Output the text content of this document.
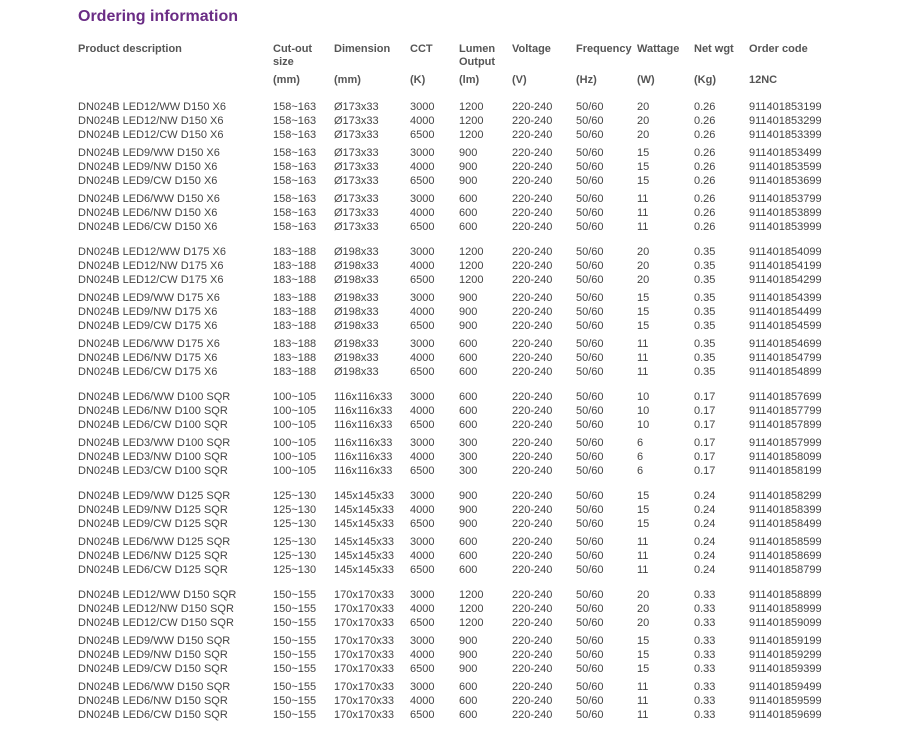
Ordering information
Product description	Cut-out size	Dimension	CCT	Lumen Output	Voltage	Frequency	Wattage	Net wgt	Order code
	(mm)	(mm)	(K)	(lm)	(V)	(Hz)	(W)	(Kg)	12NC
DN024B LED12/WW D150 X6	158~163	Ø173x33	3000	1200	220-240	50/60	20	0.26	911401853199
DN024B LED12/NW D150 X6	158~163	Ø173x33	4000	1200	220-240	50/60	20	0.26	911401853299
DN024B LED12/CW D150 X6	158~163	Ø173x33	6500	1200	220-240	50/60	20	0.26	911401853399
DN024B LED9/WW D150 X6	158~163	Ø173x33	3000	900	220-240	50/60	15	0.26	911401853499
DN024B LED9/NW D150 X6	158~163	Ø173x33	4000	900	220-240	50/60	15	0.26	911401853599
DN024B LED9/CW D150 X6	158~163	Ø173x33	6500	900	220-240	50/60	15	0.26	911401853699
DN024B LED6/WW D150 X6	158~163	Ø173x33	3000	600	220-240	50/60	11	0.26	911401853799
DN024B LED6/NW D150 X6	158~163	Ø173x33	4000	600	220-240	50/60	11	0.26	911401853899
DN024B LED6/CW D150 X6	158~163	Ø173x33	6500	600	220-240	50/60	11	0.26	911401853999
DN024B LED12/WW D175 X6	183~188	Ø198x33	3000	1200	220-240	50/60	20	0.35	911401854099
DN024B LED12/NW D175 X6	183~188	Ø198x33	4000	1200	220-240	50/60	20	0.35	911401854199
DN024B LED12/CW D175 X6	183~188	Ø198x33	6500	1200	220-240	50/60	20	0.35	911401854299
DN024B LED9/WW D175 X6	183~188	Ø198x33	3000	900	220-240	50/60	15	0.35	911401854399
DN024B LED9/NW D175 X6	183~188	Ø198x33	4000	900	220-240	50/60	15	0.35	911401854499
DN024B LED9/CW D175 X6	183~188	Ø198x33	6500	900	220-240	50/60	15	0.35	911401854599
DN024B LED6/WW D175 X6	183~188	Ø198x33	3000	600	220-240	50/60	11	0.35	911401854699
DN024B LED6/NW D175 X6	183~188	Ø198x33	4000	600	220-240	50/60	11	0.35	911401854799
DN024B LED6/CW D175 X6	183~188	Ø198x33	6500	600	220-240	50/60	11	0.35	911401854899
DN024B LED6/WW D100 SQR	100~105	116x116x33	3000	600	220-240	50/60	10	0.17	911401857699
DN024B LED6/NW D100 SQR	100~105	116x116x33	4000	600	220-240	50/60	10	0.17	911401857799
DN024B LED6/CW D100 SQR	100~105	116x116x33	6500	600	220-240	50/60	10	0.17	911401857899
DN024B LED3/WW D100 SQR	100~105	116x116x33	3000	300	220-240	50/60	6	0.17	911401857999
DN024B LED3/NW D100 SQR	100~105	116x116x33	4000	300	220-240	50/60	6	0.17	911401858099
DN024B LED3/CW D100 SQR	100~105	116x116x33	6500	300	220-240	50/60	6	0.17	911401858199
DN024B LED9/WW D125 SQR	125~130	145x145x33	3000	900	220-240	50/60	15	0.24	911401858299
DN024B LED9/NW D125 SQR	125~130	145x145x33	4000	900	220-240	50/60	15	0.24	911401858399
DN024B LED9/CW D125 SQR	125~130	145x145x33	6500	900	220-240	50/60	15	0.24	911401858499
DN024B LED6/WW D125 SQR	125~130	145x145x33	3000	600	220-240	50/60	11	0.24	911401858599
DN024B LED6/NW D125 SQR	125~130	145x145x33	4000	600	220-240	50/60	11	0.24	911401858699
DN024B LED6/CW D125 SQR	125~130	145x145x33	6500	600	220-240	50/60	11	0.24	911401858799
DN024B LED12/WW D150 SQR	150~155	170x170x33	3000	1200	220-240	50/60	20	0.33	911401858899
DN024B LED12/NW D150 SQR	150~155	170x170x33	4000	1200	220-240	50/60	20	0.33	911401858999
DN024B LED12/CW D150 SQR	150~155	170x170x33	6500	1200	220-240	50/60	20	0.33	911401859099
DN024B LED9/WW D150 SQR	150~155	170x170x33	3000	900	220-240	50/60	15	0.33	911401859199
DN024B LED9/NW D150 SQR	150~155	170x170x33	4000	900	220-240	50/60	15	0.33	911401859299
DN024B LED9/CW D150 SQR	150~155	170x170x33	6500	900	220-240	50/60	15	0.33	911401859399
DN024B LED6/WW D150 SQR	150~155	170x170x33	3000	600	220-240	50/60	11	0.33	911401859499
DN024B LED6/NW D150 SQR	150~155	170x170x33	4000	600	220-240	50/60	11	0.33	911401859599
DN024B LED6/CW D150 SQR	150~155	170x170x33	6500	600	220-240	50/60	11	0.33	911401859699
